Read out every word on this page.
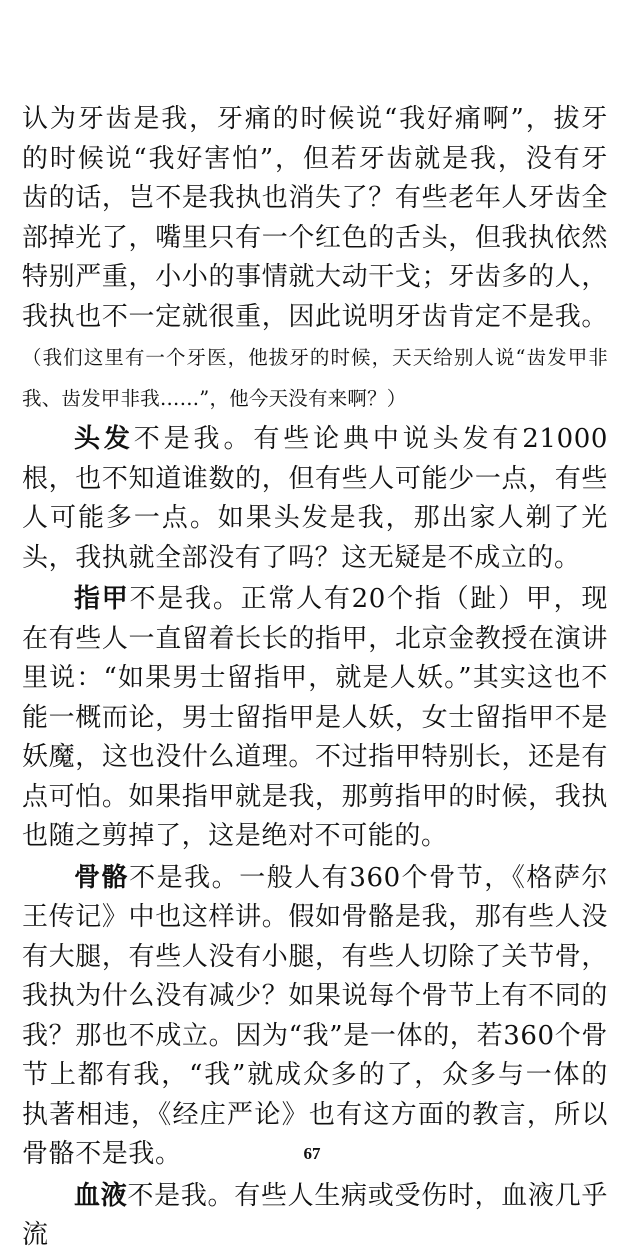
认为牙齿是我，牙痛的时候说“我好痛啊”，拔牙的时候说“我好害怕”，但若牙齿就是我，没有牙齿的话，岂不是我执也消失了？有些老年人牙齿全部掉光了，嘴里只有一个红色的舌头，但我执依然特别严重，小小的事情就大动干戈；牙齿多的人，我执也不一定就很重，因此说明牙齿肯定不是我。（我们这里有一个牙医，他拔牙的时候，天天给别人说“齿发甲非我、齿发甲非我……”，他今天没有来啊？）

头发不是我。有些论典中说头发有21000根，也不知道谁数的，但有些人可能少一点，有些人可能多一点。如果头发是我，那出家人剃了光头，我执就全部没有了吗？这无疑是不成立的。

指甲不是我。正常人有20个指（趾）甲，现在有些人一直留着长长的指甲，北京金教授在演讲里说：“如果男士留指甲，就是人妖。”其实这也不能一概而论，男士留指甲是人妖，女士留指甲不是妖魔，这也没什么道理。不过指甲特别长，还是有点可怕。如果指甲就是我，那剪指甲的时候，我执也随之剪掉了，这是绝对不可能的。

骨骼不是我。一般人有360个骨节，《格萨尔王传记》中也这样讲。假如骨骼是我，那有些人没有大腿，有些人没有小腿，有些人切除了关节骨，我执为什么没有减少？如果说每个骨节上有不同的我？那也不成立。因为“我”是一体的，若360个骨节上都有我，“我”就成众多的了，众多与一体的执著相违，《经庄严论》也有这方面的教言，所以骨骼不是我。

血液不是我。有些人生病或受伤时，血液几乎流

67
